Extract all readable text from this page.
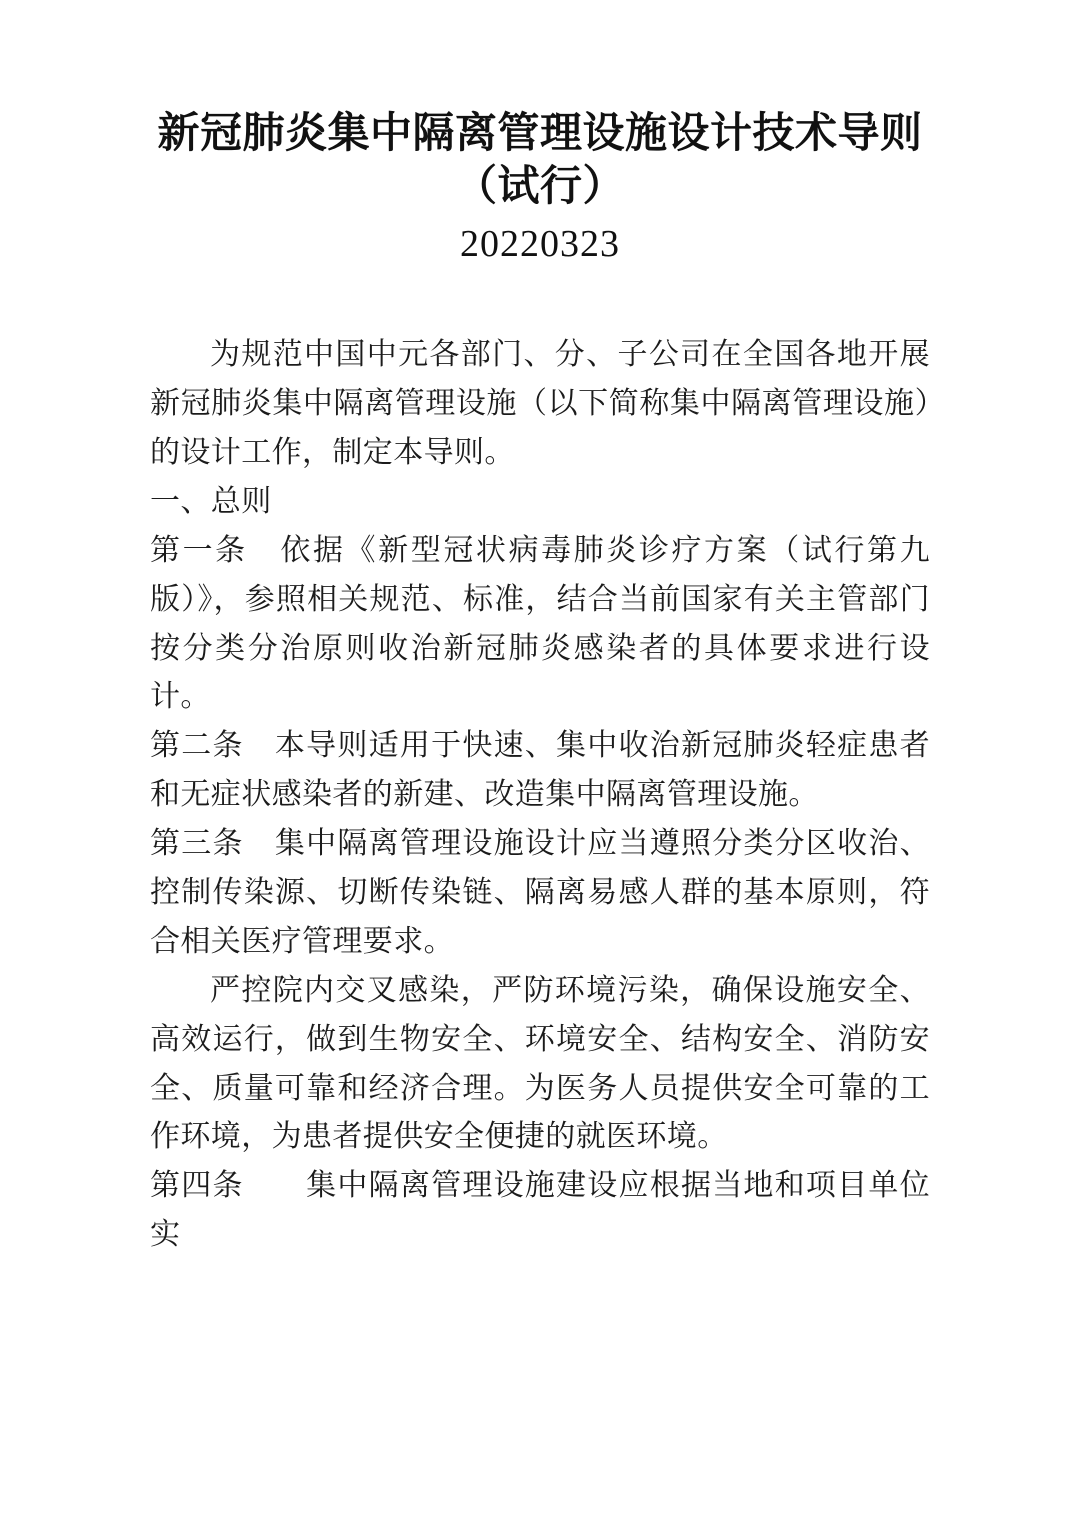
新冠肺炎集中隔离管理设施设计技术导则
（试行）
20220323

为规范中国中元各部门、分、子公司在全国各地开展新冠肺炎集中隔离管理设施（以下简称集中隔离管理设施）的设计工作，制定本导则。

一、总则

第一条　依据《新型冠状病毒肺炎诊疗方案（试行第九版）》，参照相关规范、标准，结合当前国家有关主管部门按分类分治原则收治新冠肺炎感染者的具体要求进行设计。

第二条　本导则适用于快速、集中收治新冠肺炎轻症患者和无症状感染者的新建、改造集中隔离管理设施。

第三条　集中隔离管理设施设计应当遵照分类分区收治、控制传染源、切断传染链、隔离易感人群的基本原则，符合相关医疗管理要求。

严控院内交叉感染，严防环境污染，确保设施安全、高效运行，做到生物安全、环境安全、结构安全、消防安全、质量可靠和经济合理。为医务人员提供安全可靠的工作环境，为患者提供安全便捷的就医环境。

第四条　　集中隔离管理设施建设应根据当地和项目单位实
